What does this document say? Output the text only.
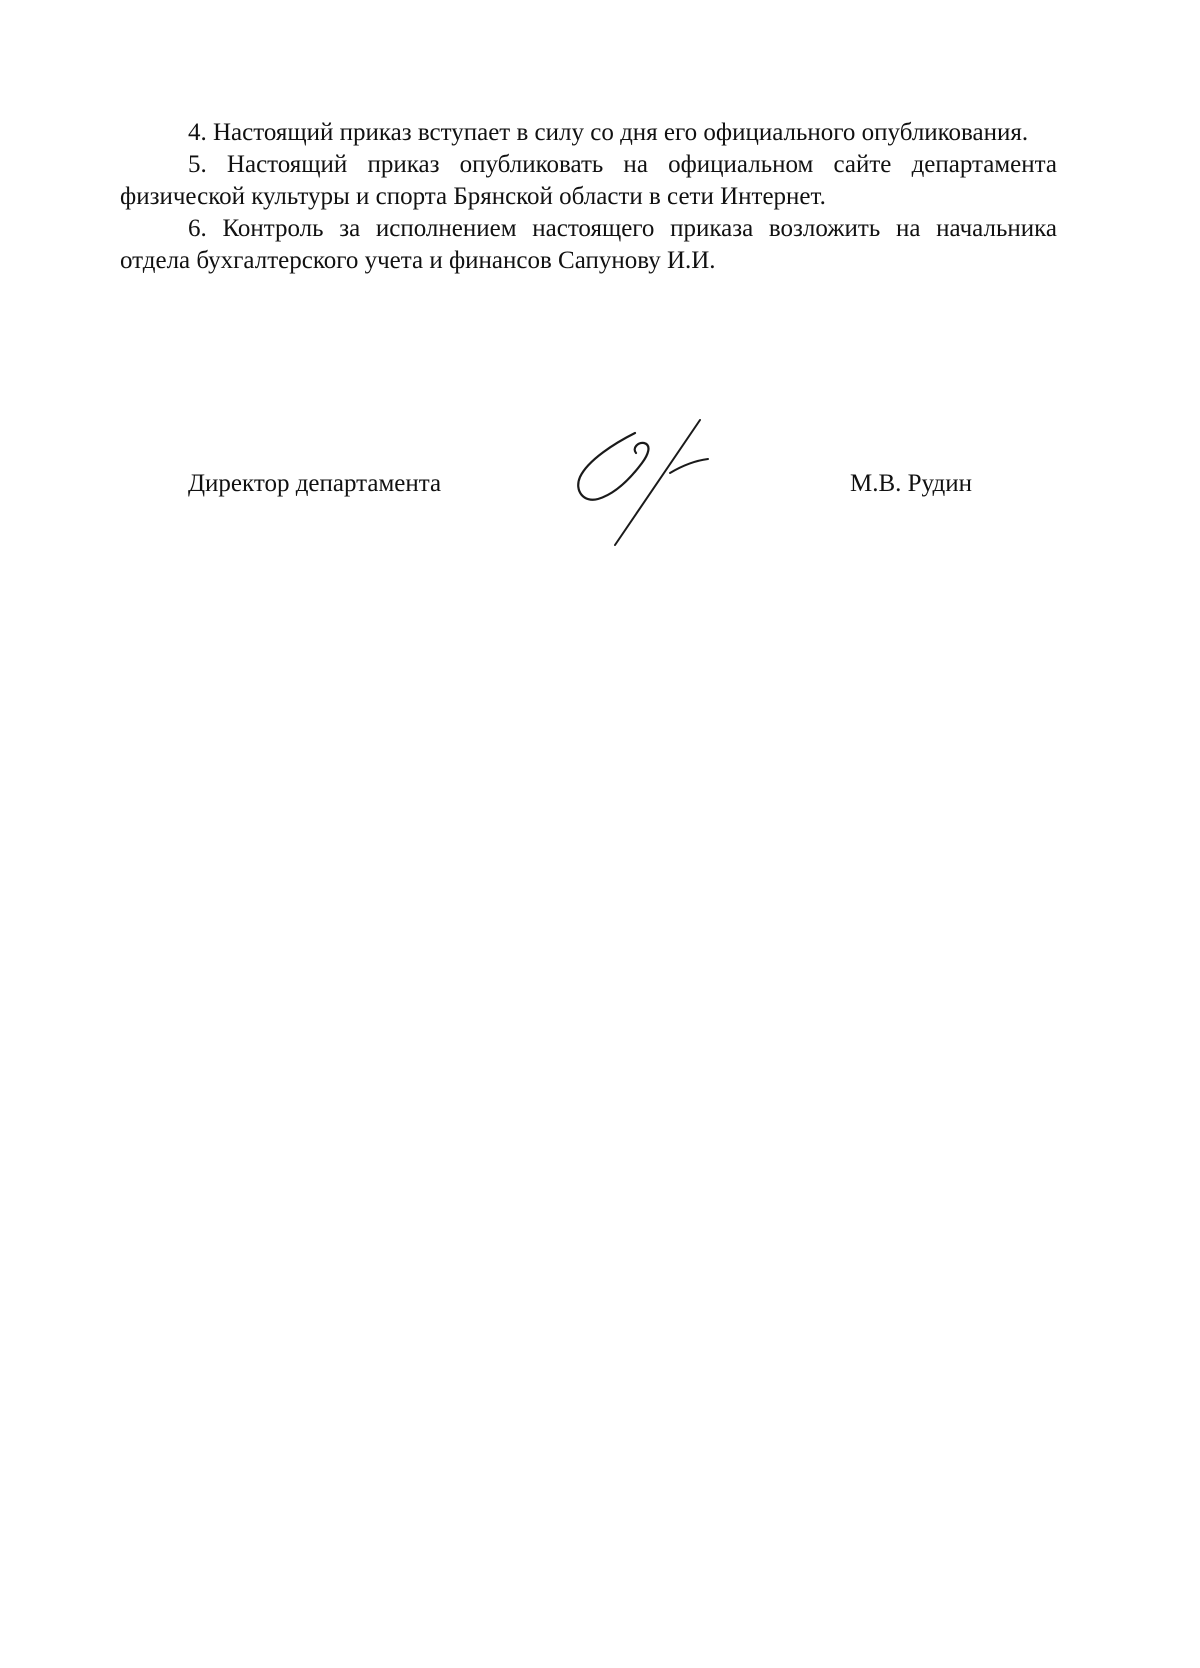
4. Настоящий приказ вступает в силу со дня его официального опубликования.

5. Настоящий приказ опубликовать на официальном сайте департамента физической культуры и спорта Брянской области в сети Интернет.

6. Контроль за исполнением настоящего приказа возложить на начальника отдела бухгалтерского учета и финансов Сапунову И.И.

Директор департамента	М.В. Рудин
